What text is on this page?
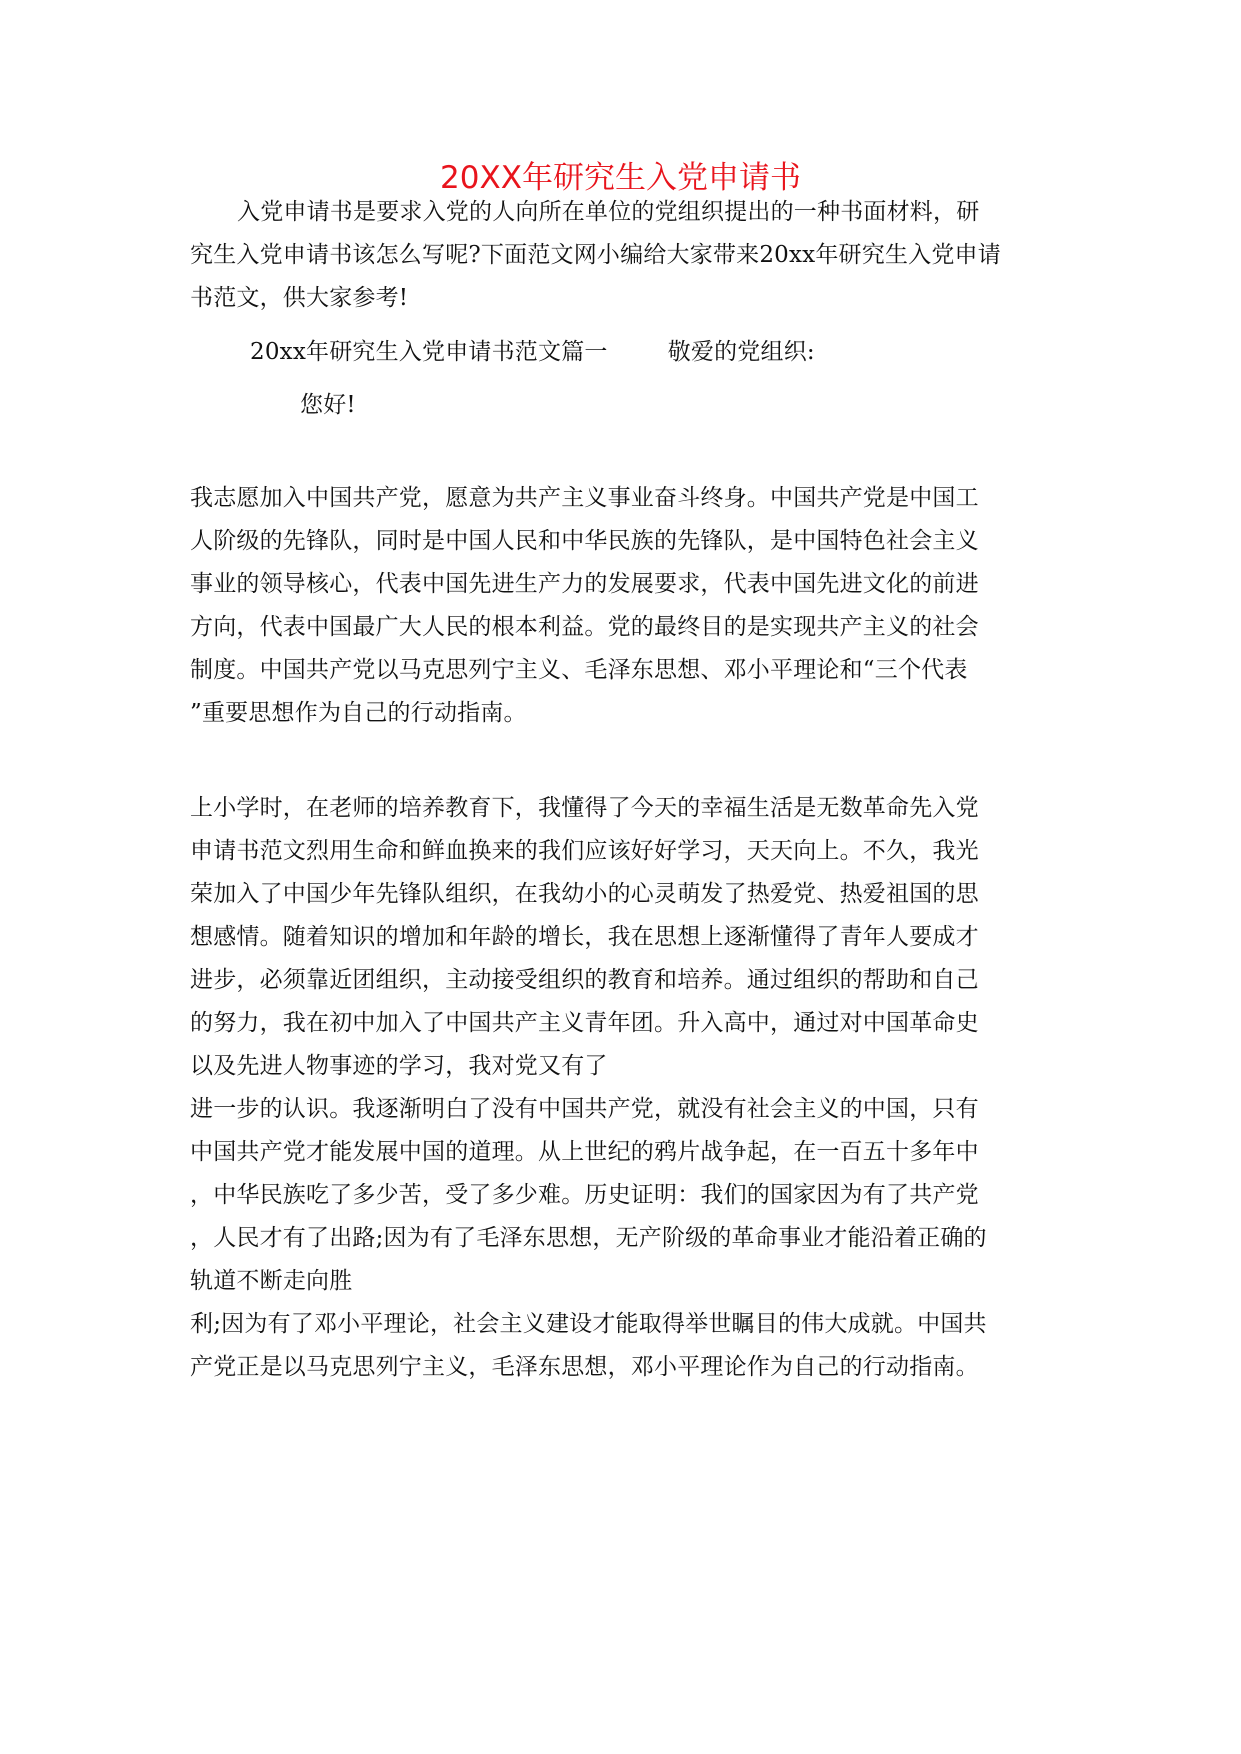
20XX年研究生入党申请书
入党申请书是要求入党的人向所在单位的党组织提出的一种书面材料，研
究生入党申请书该怎么写呢?下面范文网小编给大家带来20xx年研究生入党申请
书范文，供大家参考!
20xx年研究生入党申请书范文篇一        敬爱的党组织:
您好!
我志愿加入中国共产党，愿意为共产主义事业奋斗终身。中国共产党是中国工
人阶级的先锋队，同时是中国人民和中华民族的先锋队，是中国特色社会主义
事业的领导核心，代表中国先进生产力的发展要求，代表中国先进文化的前进
方向，代表中国最广大人民的根本利益。党的最终目的是实现共产主义的社会
制度。中国共产党以马克思列宁主义、毛泽东思想、邓小平理论和“三个代表
”重要思想作为自己的行动指南。
上小学时，在老师的培养教育下，我懂得了今天的幸福生活是无数革命先入党
申请书范文烈用生命和鲜血换来的我们应该好好学习，天天向上。不久，我光
荣加入了中国少年先锋队组织，在我幼小的心灵萌发了热爱党、热爱祖国的思
想感情。随着知识的增加和年龄的增长，我在思想上逐渐懂得了青年人要成才
进步，必须靠近团组织，主动接受组织的教育和培养。通过组织的帮助和自己
的努力，我在初中加入了中国共产主义青年团。升入高中，通过对中国革命史
以及先进人物事迹的学习，我对党又有了
进一步的认识。我逐渐明白了没有中国共产党，就没有社会主义的中国，只有
中国共产党才能发展中国的道理。从上世纪的鸦片战争起，在一百五十多年中
，中华民族吃了多少苦，受了多少难。历史证明：我们的国家因为有了共产党
，人民才有了出路;因为有了毛泽东思想，无产阶级的革命事业才能沿着正确的
轨道不断走向胜
利;因为有了邓小平理论，社会主义建设才能取得举世瞩目的伟大成就。中国共
产党正是以马克思列宁主义，毛泽东思想，邓小平理论作为自己的行动指南。
